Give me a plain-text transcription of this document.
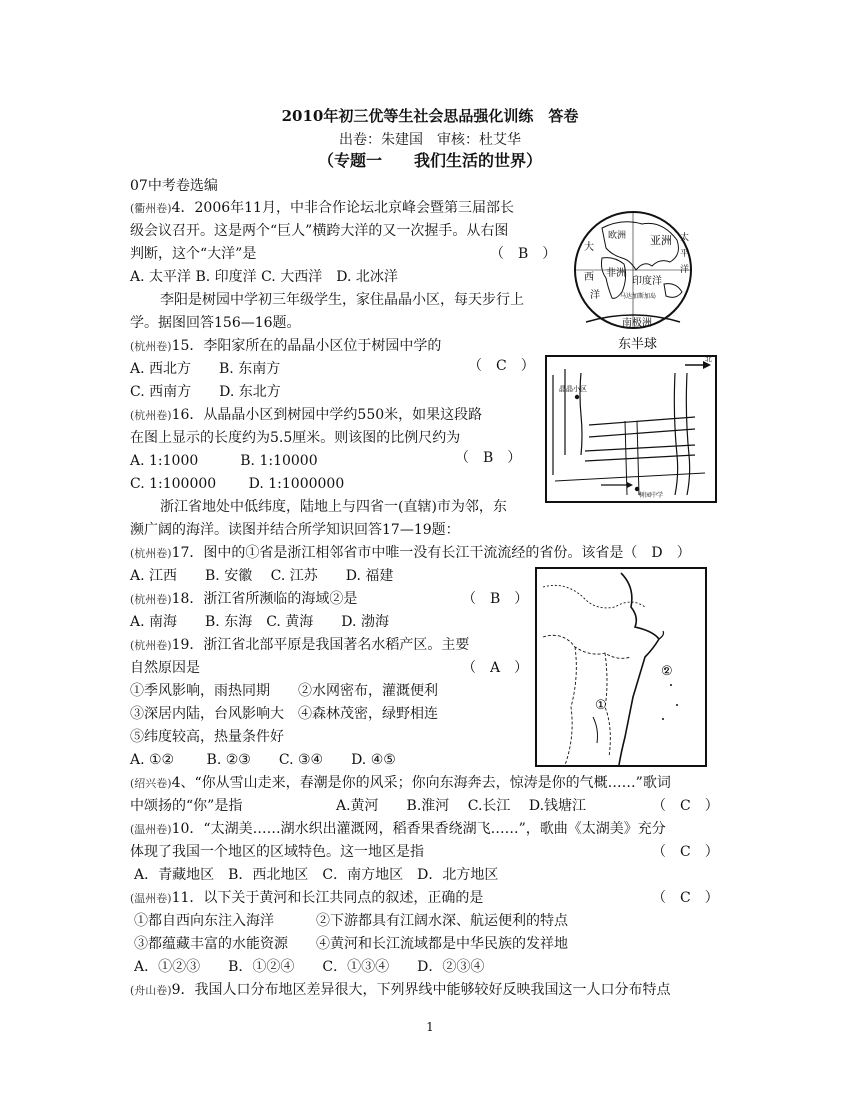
2010年初三优等生社会思品强化训练　答卷
出卷：朱建国　审核：杜艾华
（专题一　　我们生活的世界）
07中考卷选编
(衢州卷)4．2006年11月，中非合作论坛北京峰会暨第三届部长
级会议召开。这是两个“巨人”横跨大洋的又一次握手。从右图
判断，这个“大洋”是	（　B　）
A. 太平洋 B. 印度洋 C. 大西洋　D. 北冰洋
李阳是树园中学初三年级学生，家住晶晶小区，每天步行上
学。据图回答156—16题。
(杭州卷)15．李阳家所在的晶晶小区位于树园中学的
（　C　）
A. 西北方　　B. 东南方
C. 西南方　　D. 东北方
(杭州卷)16．从晶晶小区到树园中学约550米，如果这段路
在图上显示的长度约为5.5厘米。则该图的比例尺约为
（　B　）
A. 1:1000　　　B. 1:10000
C. 1:100000　　 D. 1:1000000
浙江省地处中低纬度，陆地上与四省一(直辖)市为邻，东
濒广阔的海洋。读图并结合所学知识回答17—19题：
(杭州卷)17．图中的①省是浙江相邻省市中唯一没有长江干流流经的省份。该省是（　D　）
A. 江西　　B. 安徽　 C. 江苏　　D. 福建
(杭州卷)18．浙江省所濒临的海域②是	（　B　）
A. 南海　　B. 东海　C. 黄海　　D. 渤海
(杭州卷)19．浙江省北部平原是我国著名水稻产区。主要
自然原因是	（　A　）
①季风影响，雨热同期　　②水网密布，灌溉便利
③深居内陆，台风影响大　④森林茂密，绿野相连
⑤纬度较高，热量条件好
A. ①②　　 B. ②③　　C. ③④　　D. ④⑤
(绍兴卷)4、“你从雪山走来，春潮是你的风采；你向东海奔去，惊涛是你的气概……”歌词
中颂扬的“你”是指	A.黄河　　B.淮河　 C.长江　 D.钱塘江	（　C　）
(温州卷)10．“太湖美……湖水织出灌溉网，稻香果香绕湖飞……”，歌曲《太湖美》充分
体现了我国一个地区的区域特色。这一地区是指	（　C　）
A．青藏地区　B．西北地区　C．南方地区　D．北方地区
(温州卷)11．以下关于黄河和长江共同点的叙述，正确的是	（　C　）
①都自西向东注入海洋　　　②下游都具有江阔水深、航运便利的特点
③都蕴藏丰富的水能资源　　④黄河和长江流域都是中华民族的发祥地
A．①②③　　B．①②④　　C．①③④　　D．②③④
(舟山卷)9．我国人口分布地区差异很大，下列界线中能够较好反映我国这一人口分布特点
亚洲
非洲
欧洲
印度洋
大
西
洋
太
平
洋
马达加斯加岛
南极洲
东半球
北
晶晶小区
树园中学
①
②
1
